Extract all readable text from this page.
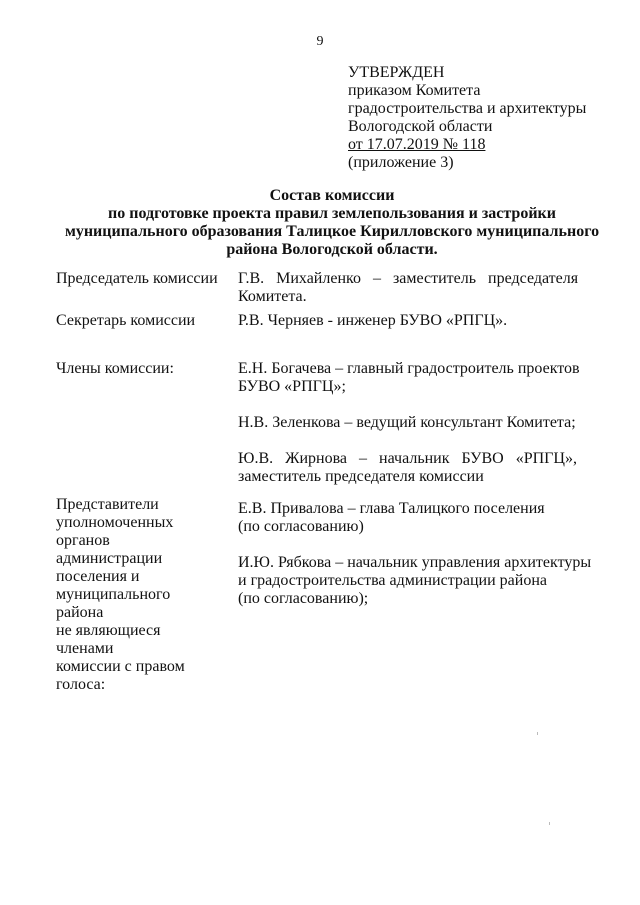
9
УТВЕРЖДЕН
приказом Комитета
градостроительства и архитектуры
Вологодской области
от 17.07.2019 № 118
(приложение 3)
Состав комиссии
по подготовке проекта правил землепользования и застройки
муниципального образования Талицкое Кирилловского муниципального
района Вологодской области.
Председатель комиссии Г.В.   Михайленко   –   заместитель   председателя
Комитета.
Секретарь комиссии	Р.В. Черняев - инженер БУВО «РПГЦ».
Члены комиссии:	Е.Н. Богачева – главный градостроитель проектов
БУВО «РПГЦ»;
Н.В. Зеленкова – ведущий консультант Комитета;
Ю.В.   Жирнова   –   начальник   БУВО   «РПГЦ»,
заместитель председателя комиссии
Представители
уполномоченных органов
администрации
поселения и
муниципального района
не являющиеся членами
комиссии с правом
голоса:
Е.В. Привалова – глава Талицкого поселения
(по согласованию)
И.Ю. Рябкова – начальник управления архитектуры
и градостроительства администрации района
(по согласованию);
